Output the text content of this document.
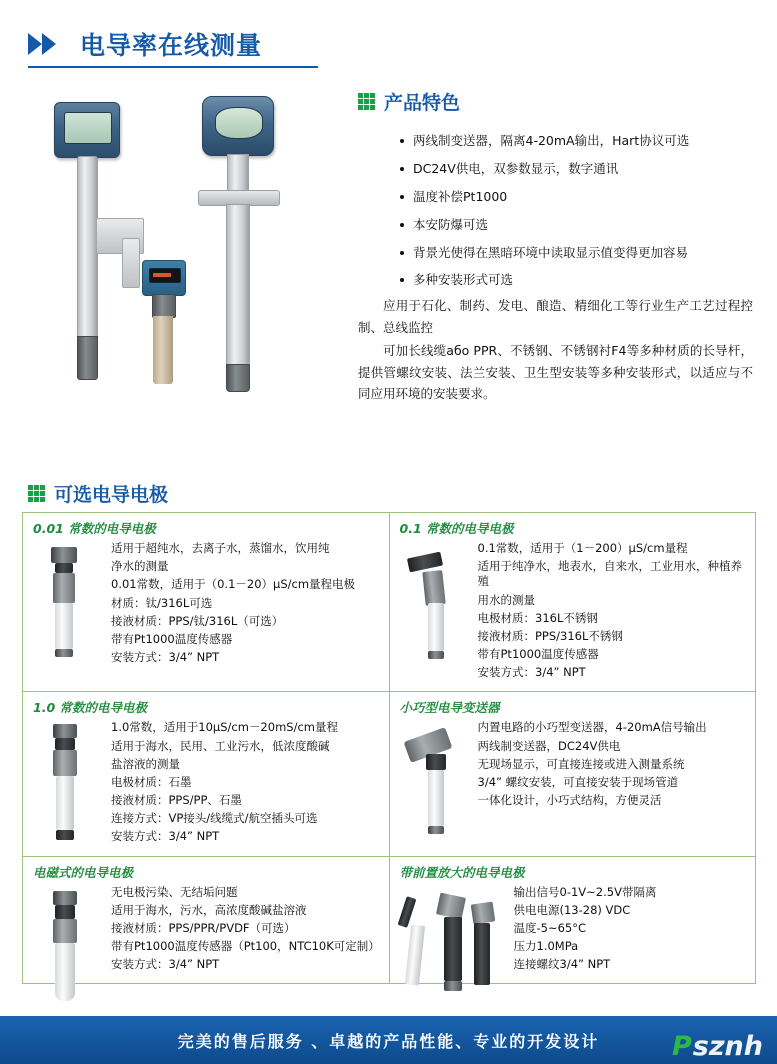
电导率在线测量
产品特色
两线制变送器，隔离4-20mA输出，Hart协议可选
DC24V供电，双参数显示，数字通讯
温度补偿Pt1000
本安防爆可选
背景光使得在黑暗环境中读取显示值变得更加容易
多种安装形式可选

应用于石化、制药、发电、酿造、精细化工等行业生产工艺过程控制、总线监控

可加长线缆або PPR、不锈钢、不锈钢衬F4等多种材质的长导杆，提供管螺纹安装、法兰安装、卫生型安装等多种安装形式，以适应与不同应用环境的安装要求。

可选电导电极
0.01 常数的电导电极

适用于超纯水，去离子水，蒸馏水，饮用纯

净水的测量

0.01常数，适用于（0.1－20）μS/cm量程电极

材质：钛/316L可选

接液材质：PPS/钛/316L（可选）

带有Pt1000温度传感器

安装方式：3/4” NPT

0.1 常数的电导电极

0.1常数，适用于（1－200）μS/cm量程

适用于纯净水，地表水，自来水，工业用水，种植养殖

用水的测量

电极材质：316L不锈钢

接液材质：PPS/316L不锈钢

带有Pt1000温度传感器

安装方式：3/4” NPT

1.0 常数的电导电极

1.0常数，适用于10μS/cm－20mS/cm量程

适用于海水，民用、工业污水，低浓度酸碱

盐溶液的测量

电极材质：石墨

接液材质：PPS/PP、石墨

连接方式：VP接头/线缆式/航空插头可选

安装方式：3/4” NPT

小巧型电导变送器

内置电路的小巧型变送器，4-20mA信号输出

两线制变送器，DC24V供电

无现场显示，可直接连接或进入测量系统

3/4” 螺纹安装，可直接安装于现场管道

一体化设计，小巧式结构，方便灵活

电磁式的电导电极

无电极污染、无结垢问题

适用于海水，污水，高浓度酸碱盐溶液

接液材质：PPS/PPR/PVDF（可选）

带有Pt1000温度传感器（Pt100，NTC10K可定制）

安装方式：3/4” NPT

带前置放大的电导电极

输出信号0-1V~2.5V带隔离

供电电源(13-28) VDC

温度-5~65°C

压力1.0MPa

连接螺纹3/4” NPT

完美的售后服务 、卓越的产品性能、专业的开发设计	P sznh
